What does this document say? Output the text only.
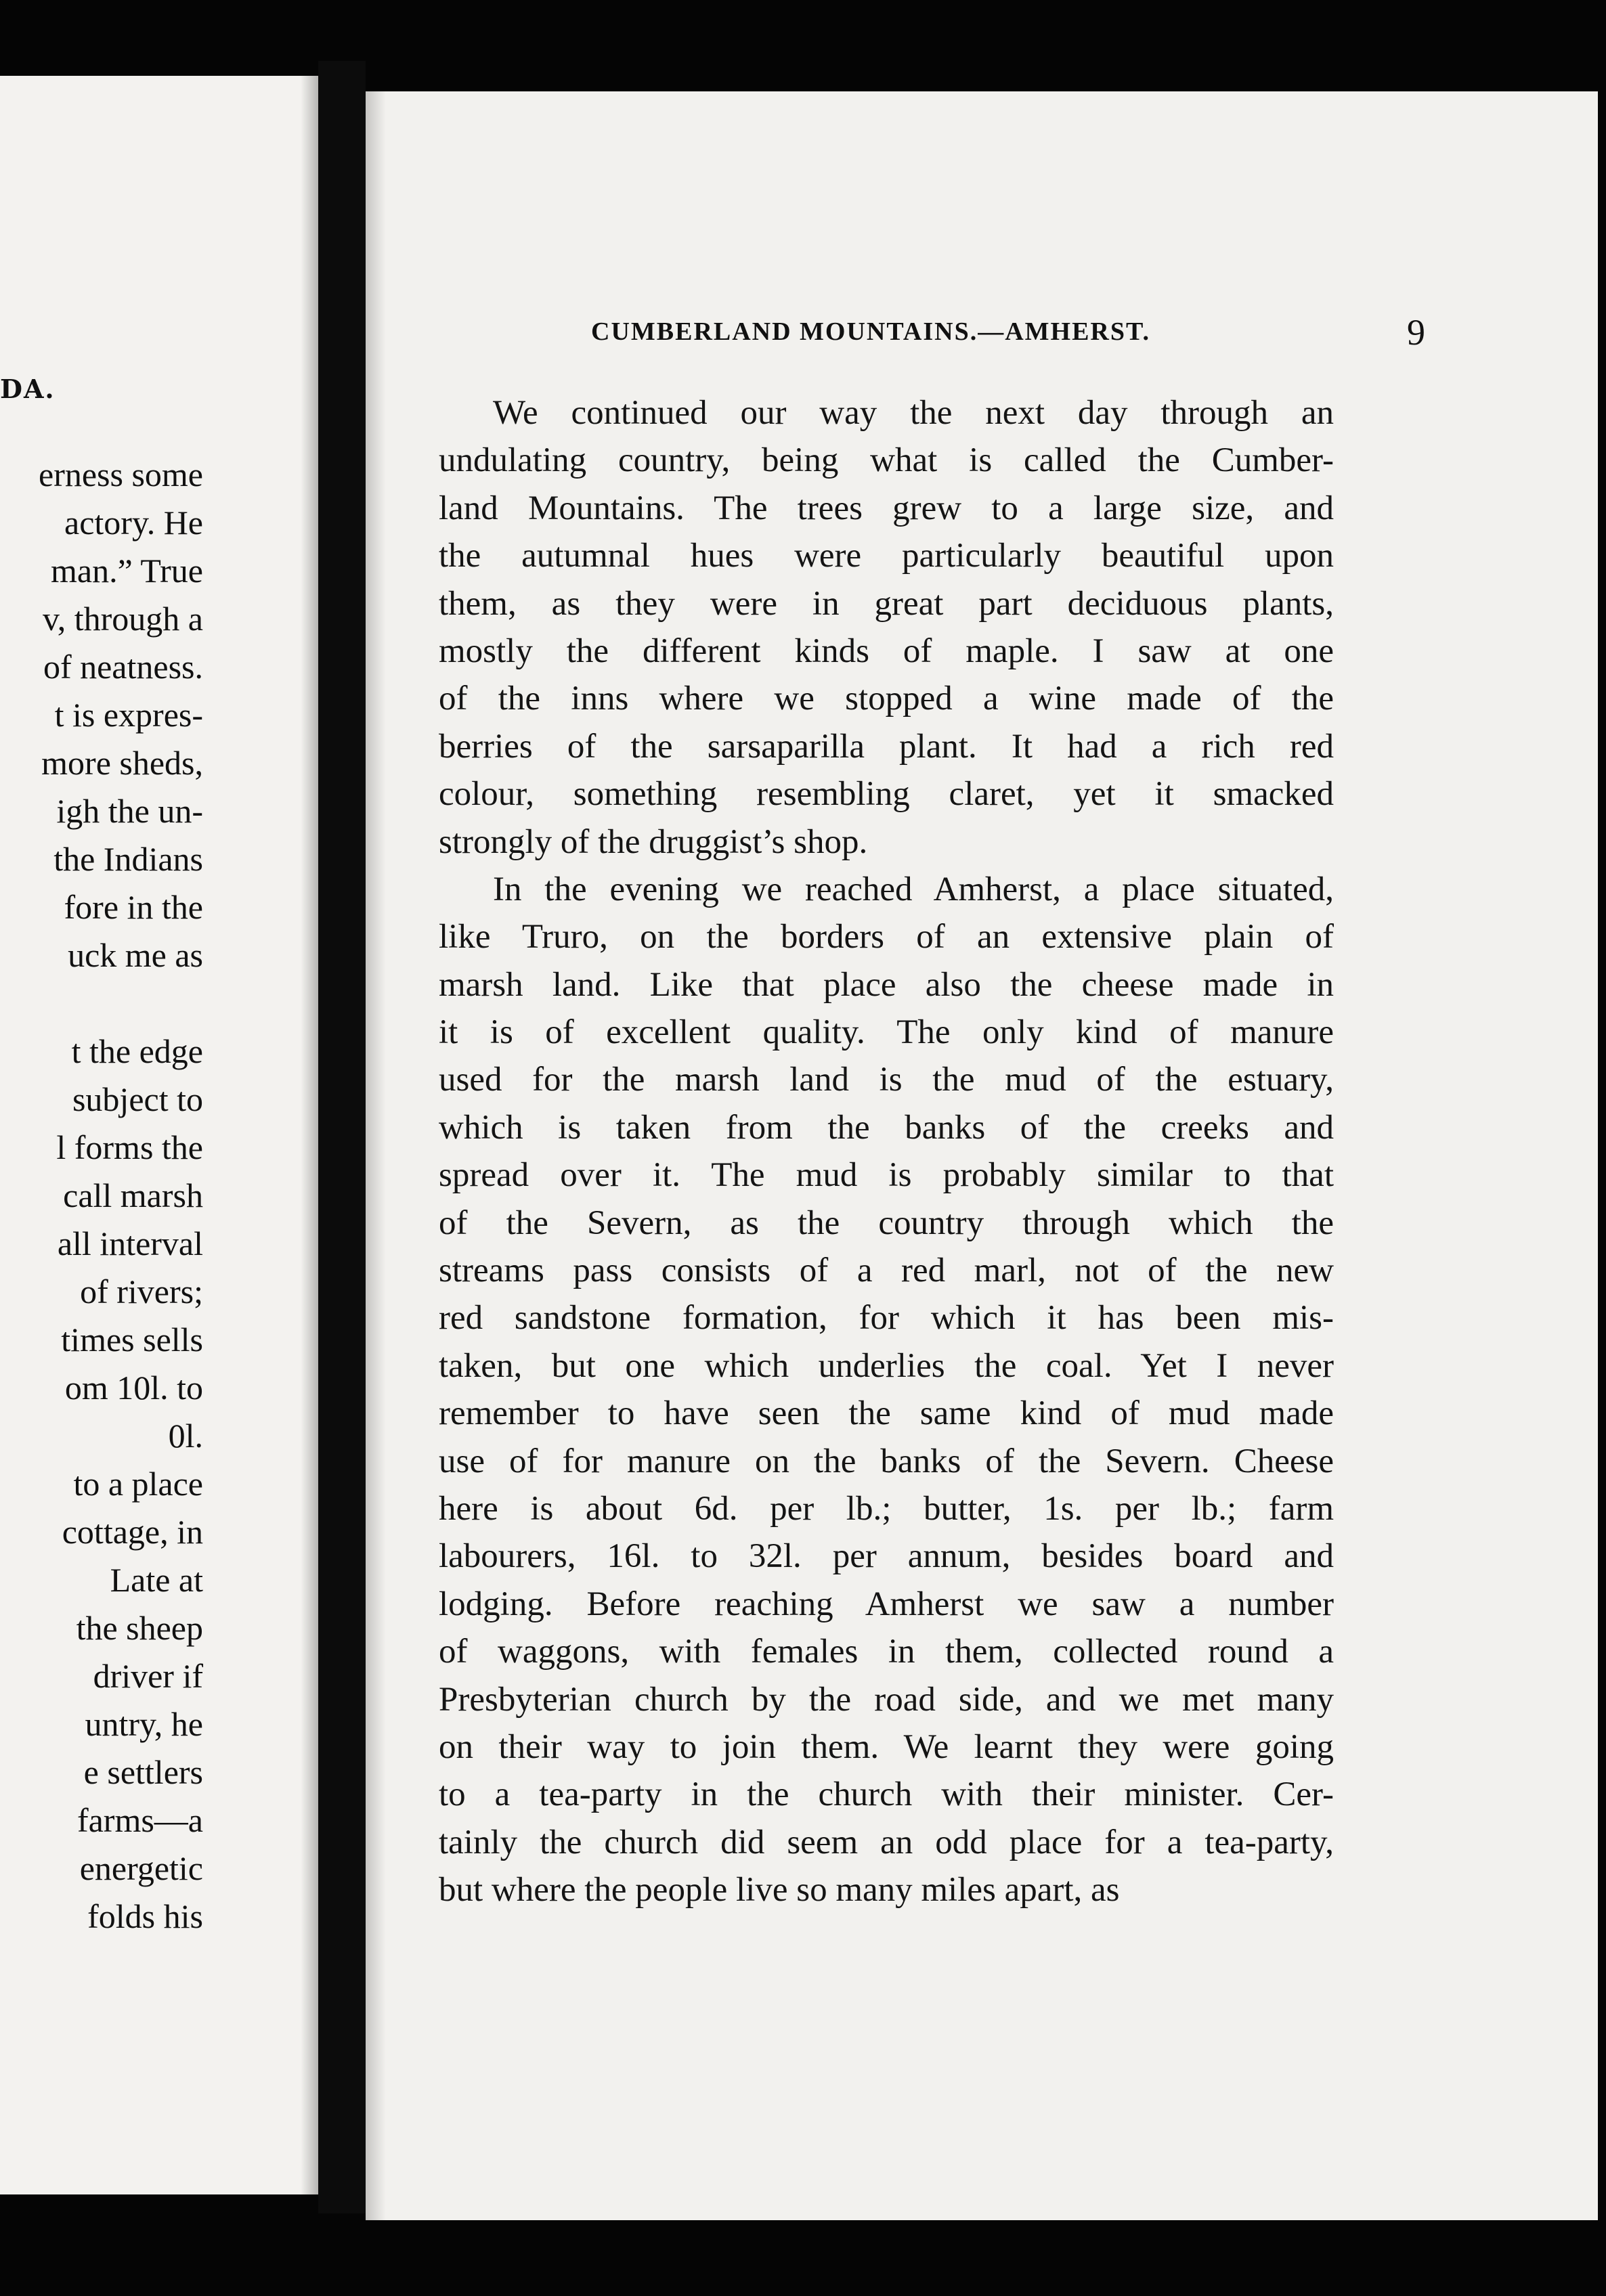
DA.
erness some
actory. He
man.” True
v, through a
of neatness.
t is expres-
more sheds,
igh the un-
the Indians
fore in the
uck me as
t the edge
subject to
l forms the
call marsh
all interval
of rivers;
times sells
om 10l. to
0l.
to a place
cottage, in
Late at
the sheep
driver if
untry, he
e settlers
farms—a
energetic
folds his
CUMBERLAND MOUNTAINS.—AMHERST.	9
We continued our way the next day through an
undulating country, being what is called the Cumber-
land Mountains. The trees grew to a large size, and
the autumnal hues were particularly beautiful upon
them, as they were in great part deciduous plants,
mostly the different kinds of maple. I saw at one
of the inns where we stopped a wine made of the
berries of the sarsaparilla plant. It had a rich red
colour, something resembling claret, yet it smacked
strongly of the druggist’s shop.
In the evening we reached Amherst, a place situated,
like Truro, on the borders of an extensive plain of
marsh land. Like that place also the cheese made in
it is of excellent quality. The only kind of manure
used for the marsh land is the mud of the estuary,
which is taken from the banks of the creeks and
spread over it. The mud is probably similar to that
of the Severn, as the country through which the
streams pass consists of a red marl, not of the new
red sandstone formation, for which it has been mis-
taken, but one which underlies the coal. Yet I never
remember to have seen the same kind of mud made
use of for manure on the banks of the Severn. Cheese
here is about 6d. per lb.; butter, 1s. per lb.; farm
labourers, 16l. to 32l. per annum, besides board and
lodging. Before reaching Amherst we saw a number
of waggons, with females in them, collected round a
Presbyterian church by the road side, and we met many
on their way to join them. We learnt they were going
to a tea-party in the church with their minister. Cer-
tainly the church did seem an odd place for a tea-party,
but where the people live so many miles apart, as
